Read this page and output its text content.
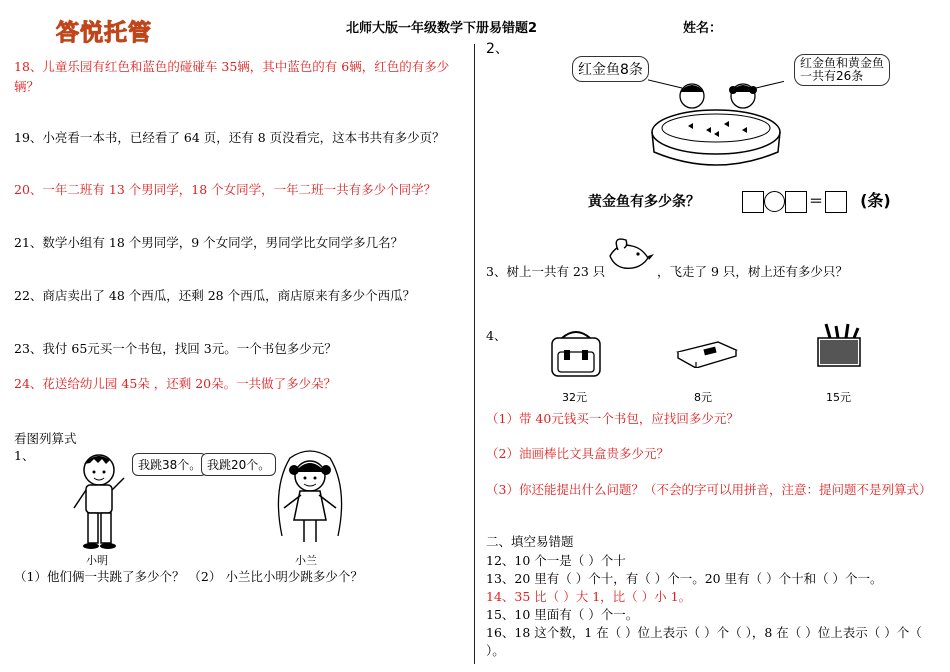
答悦托管	北师大版一年级数学下册易错题2	姓名：
18、儿童乐园有红色和蓝色的碰碰车 35辆，其中蓝色的有 6辆，红色的有多少
辆？
19、小亮看一本书，已经看了 64 页，还有 8 页没看完，这本书共有多少页？
20、一年二班有 13 个男同学，18 个女同学，一年二班一共有多少个同学？
21、数学小组有 18 个男同学，9 个女同学，男同学比女同学多几名？
22、商店卖出了 48 个西瓜，还剩 28 个西瓜，商店原来有多少个西瓜？
23、我付 65元买一个书包，找回 3元。一个书包多少元？
24、花送给幼儿园 45朵 ，还剩 20朵。一共做了多少朵？
看图列算式
1、
我跳38个。 我跳20个。
小明	小兰
（1）他们俩一共跳了多少个？ （2） 小兰比小明少跳多少个？
2、
红金鱼8条	红金鱼和黄金鱼
一共有26条
黄金鱼有多少条？	＝ (条)
3、树上一共有 23 只	，飞走了 9 只，树上还有多少只？
4、
32元	8元	15元
（1）带 40元钱买一个书包，应找回多少元？
（2）油画棒比文具盒贵多少元？
（3）你还能提出什么问题？（不会的字可以用拼音，注意：提问题不是列算式）
二、填空易错题
12、10 个一是（ ）个十
13、20 里有（ ）个十，有（ ）个一。20 里有（ ）个十和（ ）个一。
14、35 比（ ）大 1，比（ ）小 1。
15、10 里面有（ ）个一。
16、18 这个数，1 在（ ）位上表示（ ）个（ ），8 在（ ）位上表示（ ）个（
）。
